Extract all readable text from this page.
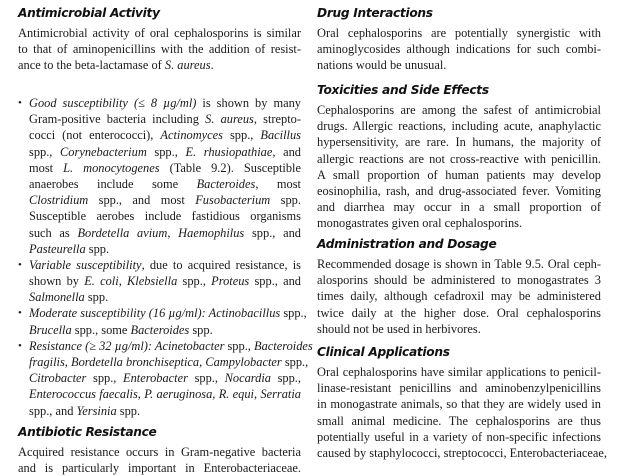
Antimicrobial Activity
Antimicrobial activity of oral cephalosporins is similar
to that of aminopenicillins with the addition of resist-
ance to the beta-lactamase of S. aureus.
• Good susceptibility (≤ 8 µg/ml) is shown by many
Gram-positive bacteria including S. aureus, strepto-
cocci (not enterococci), Actinomyces spp., Bacillus
spp., Corynebacterium spp., E. rhusiopathiae, and
most L. monocytogenes (Table 9.2). Susceptible
anaerobes include some Bacteroides, most
Clostridium spp., and most Fusobacterium spp.
Susceptible aerobes include fastidious organisms
such as Bordetella avium, Haemophilus spp., and
Pasteurella spp.
• Variable susceptibility, due to acquired resistance, is
shown by E. coli, Klebsiella spp., Proteus spp., and
Salmonella spp.
• Moderate susceptibility (16 µg/ml): Actinobacillus spp.,
Brucella spp., some Bacteroides spp.
• Resistance (≥ 32 µg/ml): Acinetobacter spp., Bacteroides
fragilis, Bordetella bronchiseptica, Campylobacter spp.,
Citrobacter spp., Enterobacter spp., Nocardia spp.,
Enterococcus faecalis, P. aeruginosa, R. equi, Serratia
spp., and Yersinia spp.
Antibiotic Resistance
Acquired resistance occurs in Gram-negative bacteria
and is particularly important in Enterobacteriaceae.
Drug Interactions
Oral cephalosporins are potentially synergistic with
aminoglycosides although indications for such combi-
nations would be unusual.
Toxicities and Side Effects
Cephalosporins are among the safest of antimicrobial
drugs. Allergic reactions, including acute, anaphylactic
hypersensitivity, are rare. In humans, the majority of
allergic reactions are not cross-reactive with penicillin.
A small proportion of human patients may develop
eosinophilia, rash, and drug-associated fever. Vomiting
and diarrhea may occur in a small proportion of
monogastrates given oral cephalosporins.
Administration and Dosage
Recommended dosage is shown in Table 9.5. Oral ceph-
alosporins should be administered to monogastrates 3
times daily, although cefadroxil may be administered
twice daily at the higher dose. Oral cephalosporins
should not be used in herbivores.
Clinical Applications
Oral cephalosporins have similar applications to penicil-
linase-resistant penicillins and aminobenzylpenicillins
in monogastrate animals, so that they are widely used in
small animal medicine. The cephalosporins are thus
potentially useful in a variety of non-specific infections
caused by staphylococci, streptococci, Enterobacteriaceae,
